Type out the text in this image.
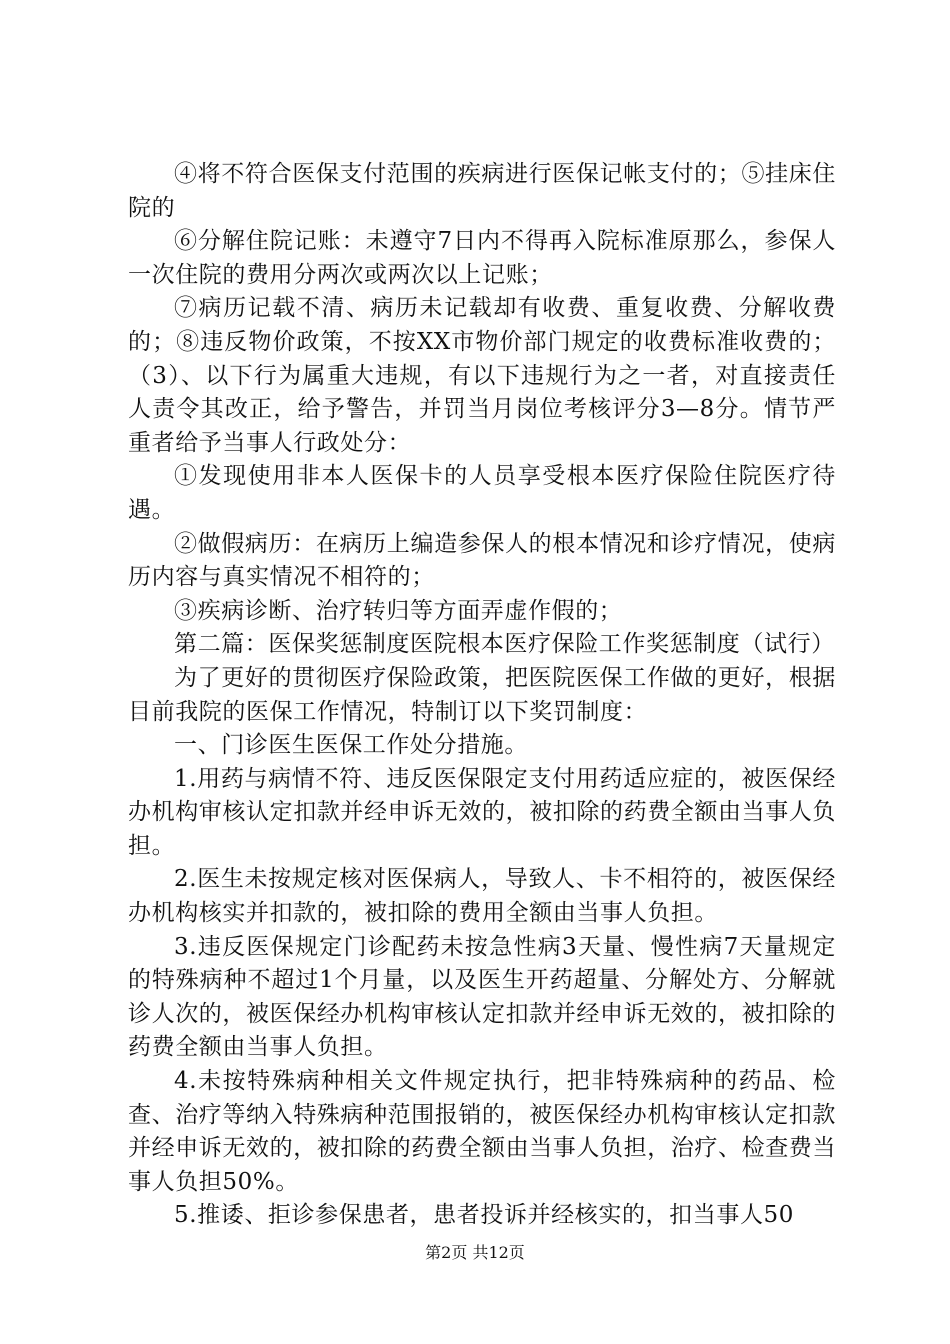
④将不符合医保支付范围的疾病进行医保记帐支付的；⑤挂床住院的

⑥分解住院记账：未遵守7日内不得再入院标准原那么，参保人一次住院的费用分两次或两次以上记账；

⑦病历记载不清、病历未记载却有收费、重复收费、分解收费的；⑧违反物价政策，不按XX市物价部门规定的收费标准收费的；（3）、以下行为属重大违规，有以下违规行为之一者，对直接责任人责令其改正，给予警告，并罚当月岗位考核评分3—8分。情节严重者给予当事人行政处分：

①发现使用非本人医保卡的人员享受根本医疗保险住院医疗待遇。

②做假病历：在病历上编造参保人的根本情况和诊疗情况，使病历内容与真实情况不相符的；

③疾病诊断、治疗转归等方面弄虚作假的；

第二篇：医保奖惩制度医院根本医疗保险工作奖惩制度（试行）

为了更好的贯彻医疗保险政策，把医院医保工作做的更好，根据目前我院的医保工作情况，特制订以下奖罚制度：

一、门诊医生医保工作处分措施。

1.用药与病情不符、违反医保限定支付用药适应症的，被医保经办机构审核认定扣款并经申诉无效的，被扣除的药费全额由当事人负担。

2.医生未按规定核对医保病人，导致人、卡不相符的，被医保经办机构核实并扣款的，被扣除的费用全额由当事人负担。

3.违反医保规定门诊配药未按急性病3天量、慢性病7天量规定的特殊病种不超过1个月量，以及医生开药超量、分解处方、分解就诊人次的，被医保经办机构审核认定扣款并经申诉无效的，被扣除的药费全额由当事人负担。

4.未按特殊病种相关文件规定执行，把非特殊病种的药品、检查、治疗等纳入特殊病种范围报销的，被医保经办机构审核认定扣款并经申诉无效的，被扣除的药费全额由当事人负担，治疗、检查费当事人负担50%。

5.推诿、拒诊参保患者，患者投诉并经核实的，扣当事人50

第2页 共12页
